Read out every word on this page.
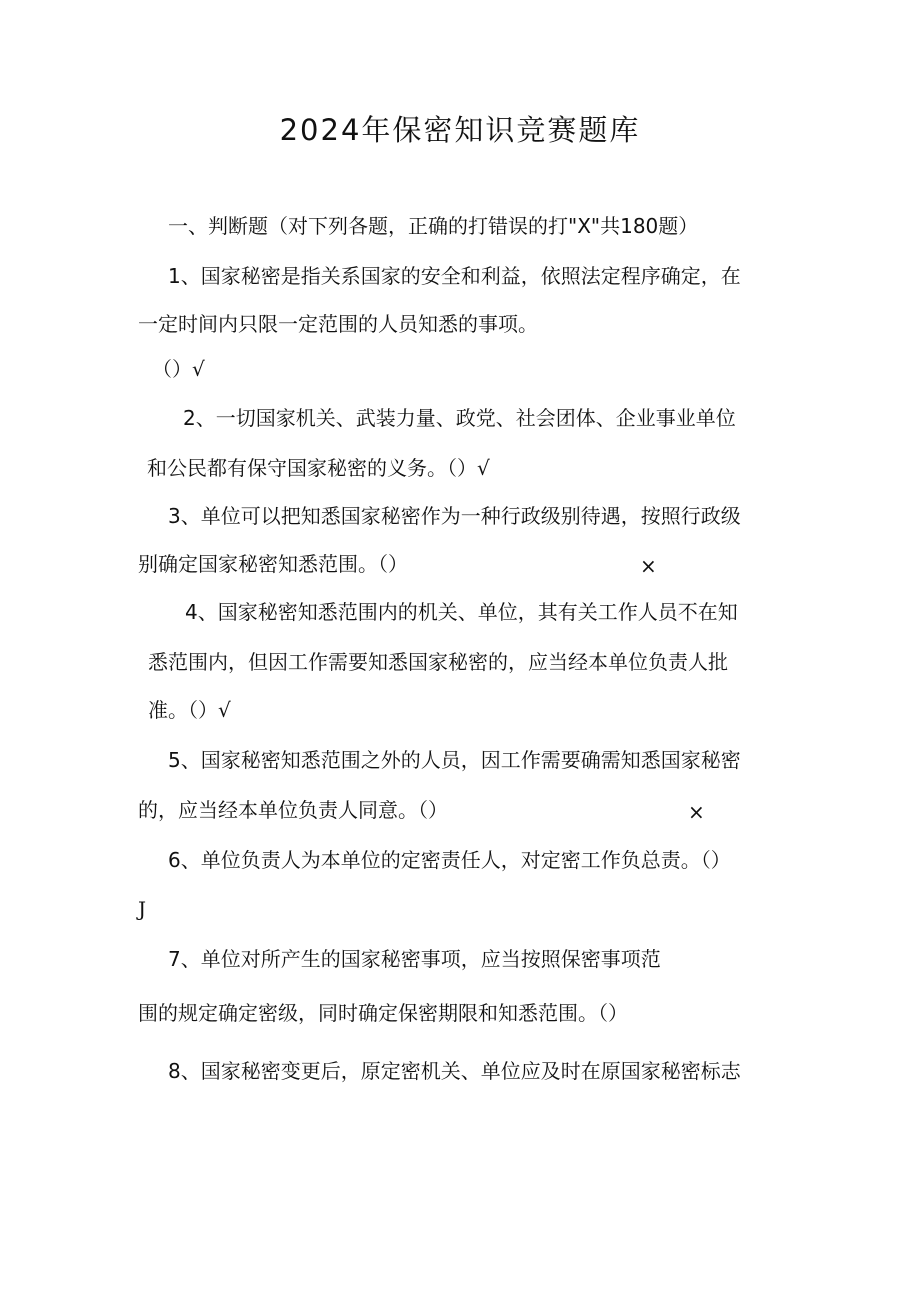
2024年保密知识竞赛题库
一、判断题（对下列各题，正确的打错误的打"X"共180题）
1、国家秘密是指关系国家的安全和利益，依照法定程序确定，在
一定时间内只限一定范围的人员知悉的事项。
（）√
2、一切国家机关、武装力量、政党、社会团体、企业事业单位
和公民都有保守国家秘密的义务。（）√
3、单位可以把知悉国家秘密作为一种行政级别待遇，按照行政级
别确定国家秘密知悉范围。（）	×
4、国家秘密知悉范围内的机关、单位，其有关工作人员不在知
悉范围内，但因工作需要知悉国家秘密的，应当经本单位负责人批
准。（）√
5、国家秘密知悉范围之外的人员，因工作需要确需知悉国家秘密
的，应当经本单位负责人同意。（）	×
6、单位负责人为本单位的定密责任人，对定密工作负总责。（）
J
7、单位对所产生的国家秘密事项，应当按照保密事项范
围的规定确定密级，同时确定保密期限和知悉范围。（）
8、国家秘密变更后，原定密机关、单位应及时在原国家秘密标志
